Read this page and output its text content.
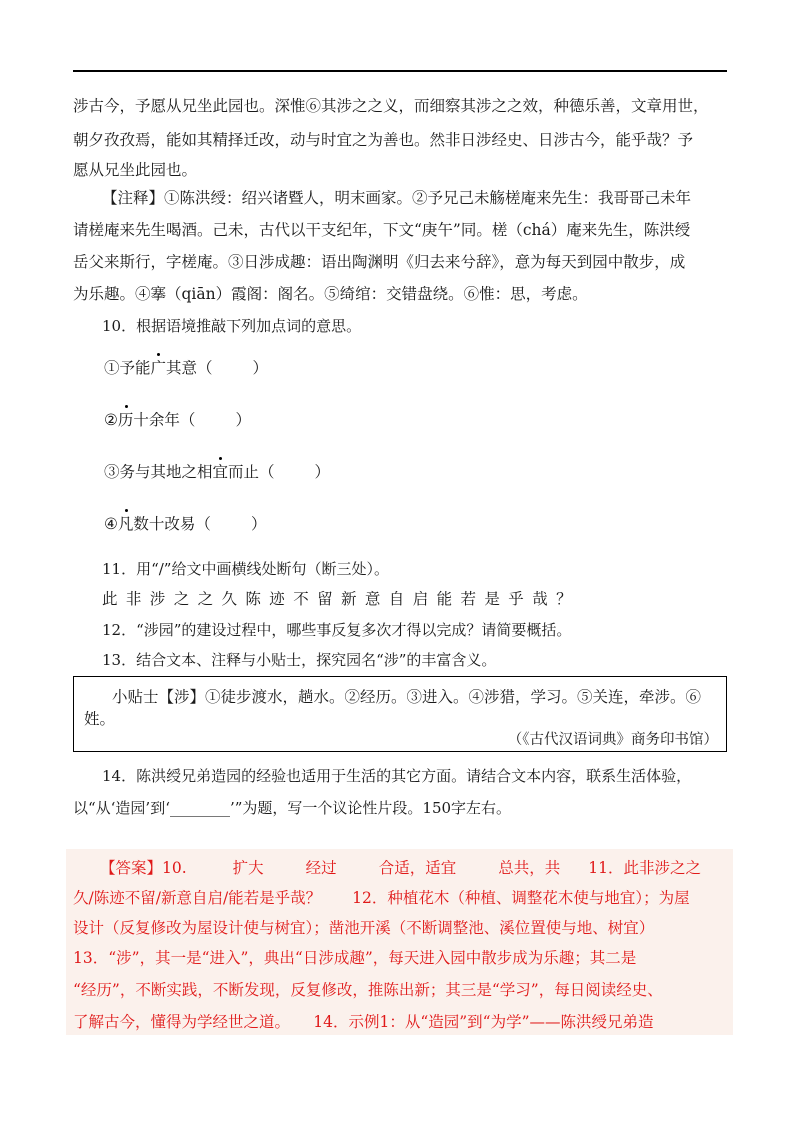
涉古今，予愿从兄坐此园也。深惟⑥其涉之之义，而细察其涉之之效，种德乐善，文章用世，
朝夕孜孜焉，能如其精择迁改，动与时宜之为善也。然非日涉经史、日涉古今，能乎哉？予
愿从兄坐此园也。
【注释】①陈洪绶：绍兴诸暨人，明末画家。②予兄己未觞槎庵来先生：我哥哥己未年
请槎庵来先生喝酒。己未，古代以干支纪年，下文“庚午”同。槎（chá）庵来先生，陈洪绶
岳父来斯行，字槎庵。③日涉成趣：语出陶渊明《归去来兮辞》，意为每天到园中散步，成
为乐趣。④搴（qiān）霞阁：阁名。⑤绮绾：交错盘绕。⑥惟：思，考虑。
10．根据语境推敲下列加点词的意思。
①予能广其意（	）
②历十余年（	）
③务与其地之相宜而止（	）
④凡数十改易（	）
11．用“/”给文中画横线处断句（断三处）。
此非涉之之久陈迹不留新意自启能若是乎哉？
12．“涉园”的建设过程中，哪些事反复多次才得以完成？请简要概括。
13．结合文本、注释与小贴士，探究园名“涉”的丰富含义。
小贴士【涉】①徒步渡水，趟水。②经历。③进入。④涉猎，学习。⑤关连，牵涉。⑥
姓。
（《古代汉语词典》商务印书馆）
14．陈洪绶兄弟造园的经验也适用于生活的其它方面。请结合文本内容，联系生活体验，
以“从‘造园’到‘________’”为题，写一个议论性片段。150字左右。
【答案】10.	扩大	经过	合适，适宜	总共，共 11．此非涉之之
久/陈迹不留/新意自启/能若是乎哉？　　12．种植花木（种植、调整花木使与地宜）；为屋
设计（反复修改为屋设计使与树宜）；凿池开溪（不断调整池、溪位置使与地、树宜）
13．“涉”，其一是“进入”，典出“日涉成趣”，每天进入园中散步成为乐趣；其二是
“经历”，不断实践，不断发现，反复修改，推陈出新；其三是“学习”，每日阅读经史、
了解古今，懂得为学经世之道。　　14．示例1：从“造园”到“为学”——陈洪绶兄弟造
